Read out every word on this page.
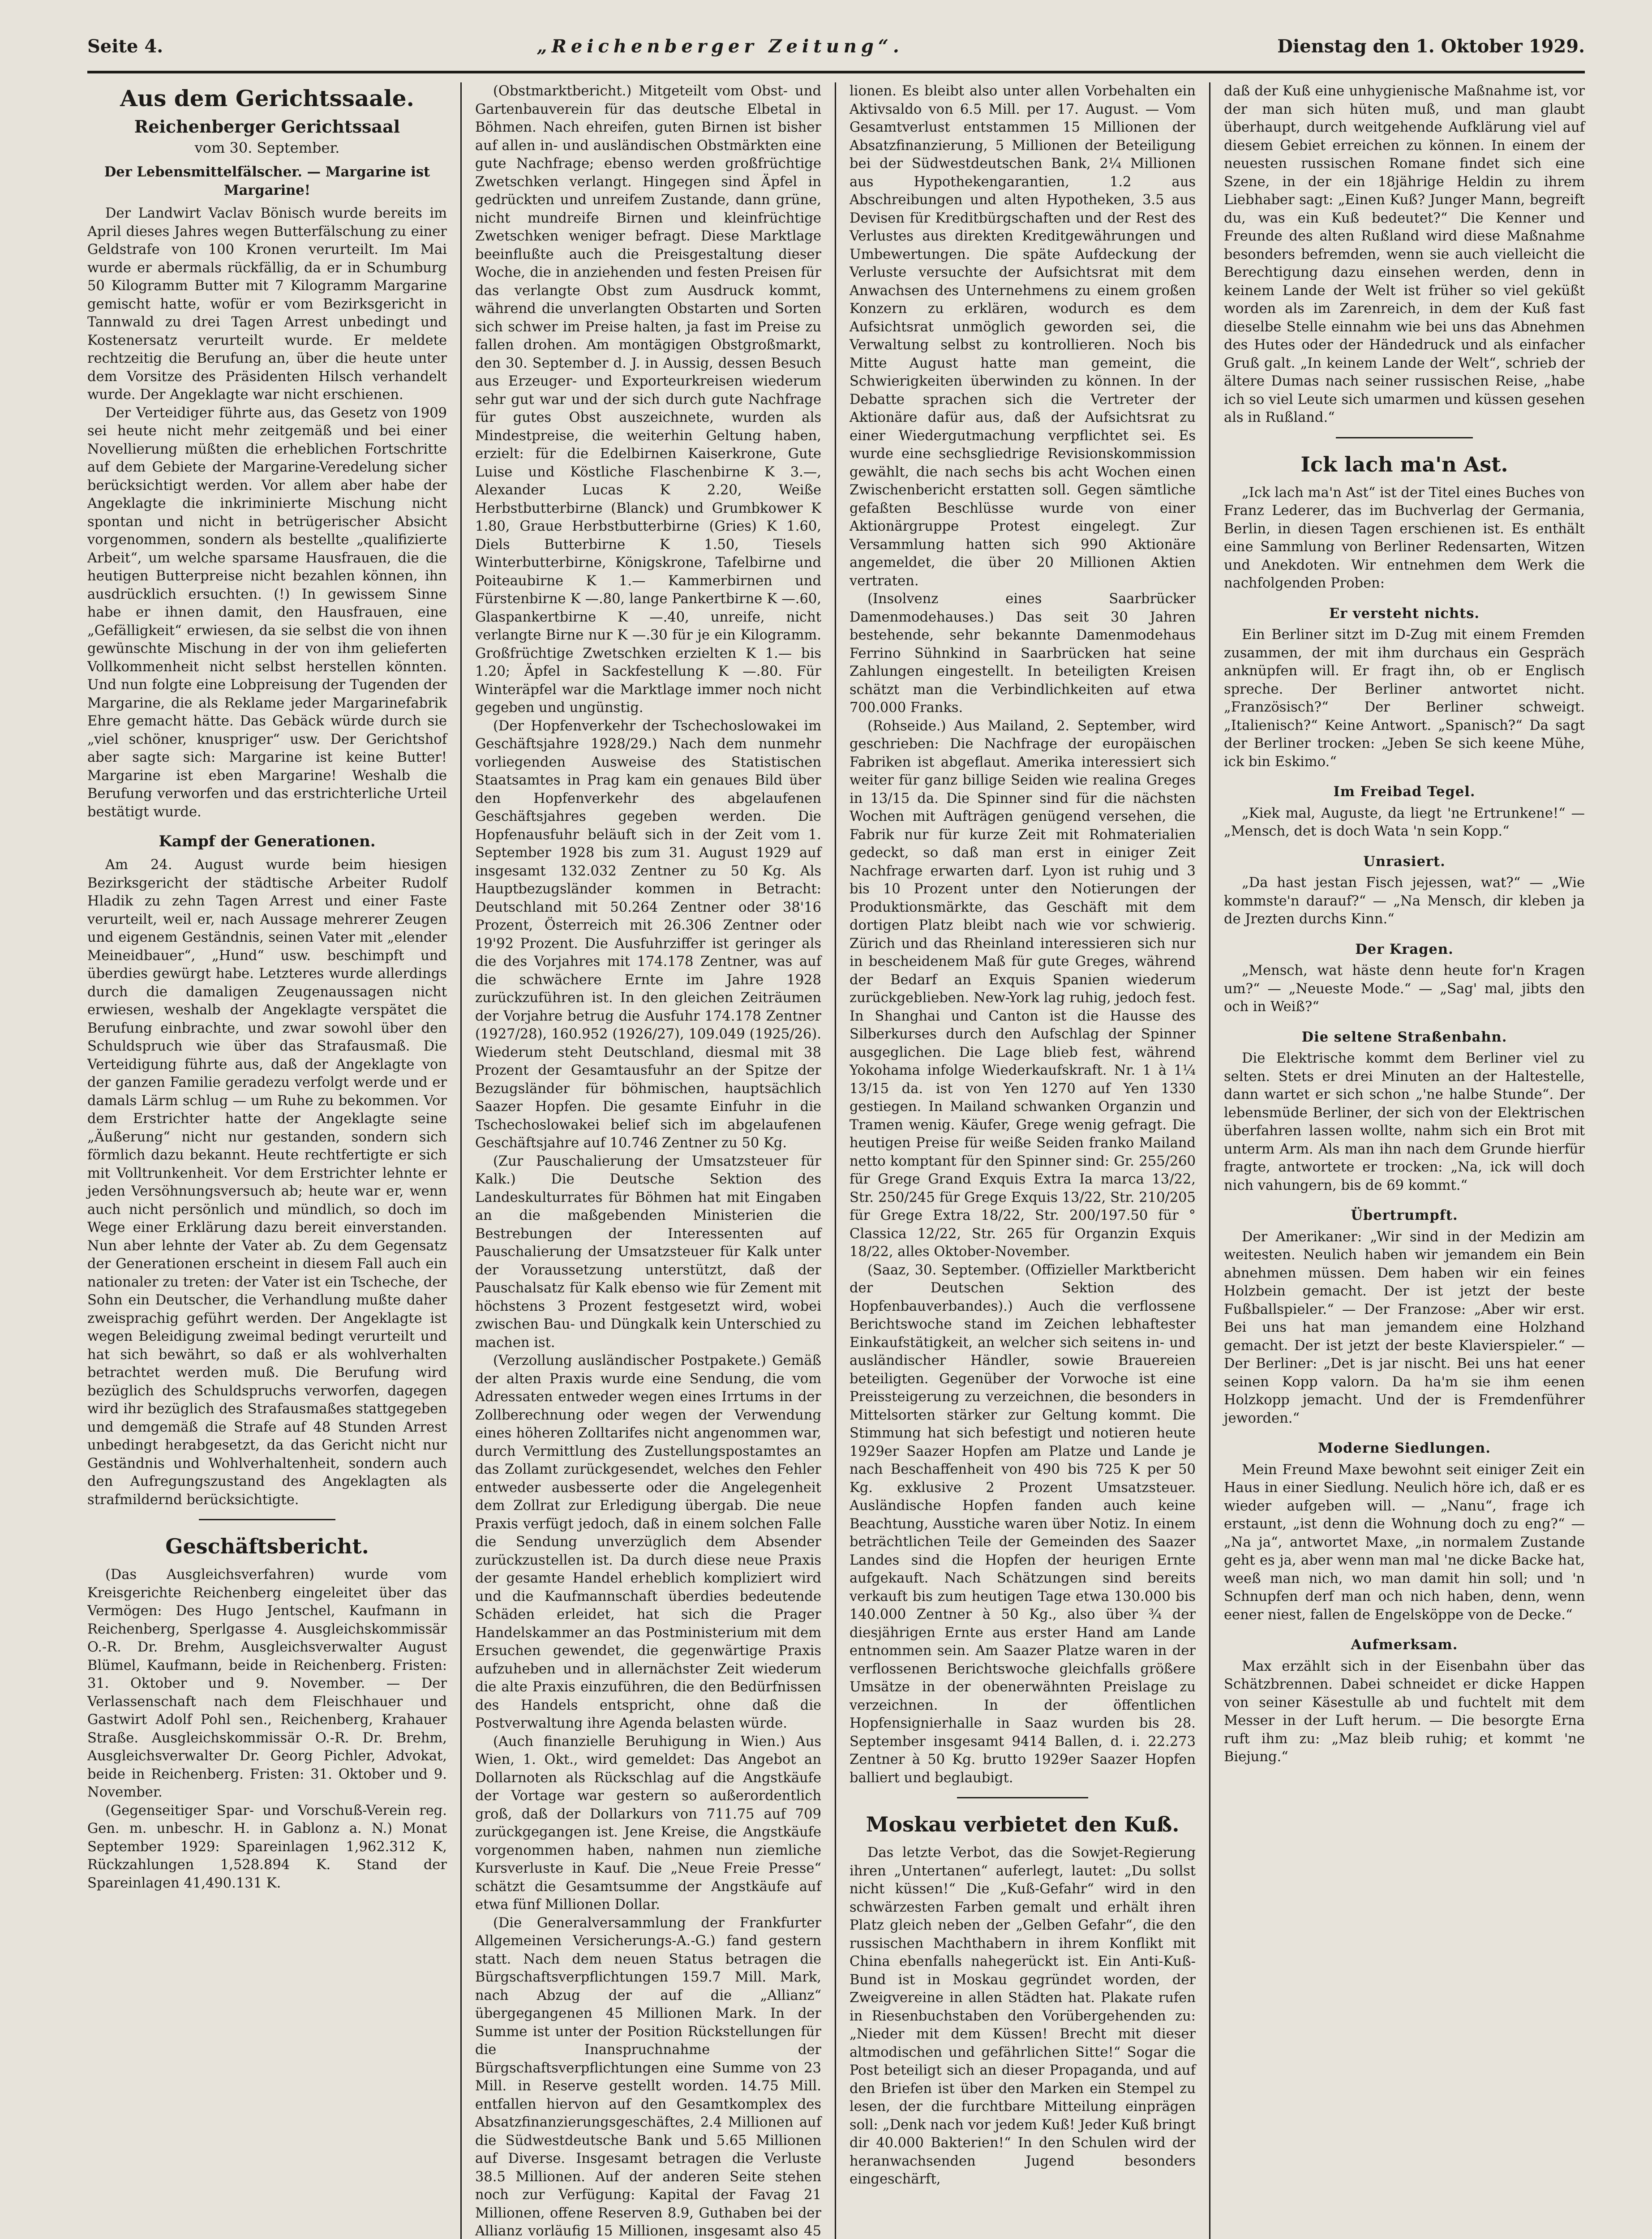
Seite 4.	„Reichenberger Zeitung“.	Dienstag den 1. Oktober 1929.
Aus dem Gerichtssaale.
Reichenberger Gerichtssaal
vom 30. September.
Der Lebensmittelfälscher. — Margarine ist Margarine!

Der Landwirt Vaclav Bönisch wurde bereits im April dieses Jahres wegen Butterfälschung zu einer Geldstrafe von 100 Kronen verurteilt. Im Mai wurde er abermals rückfällig, da er in Schumburg 50 Kilogramm Butter mit 7 Kilogramm Margarine gemischt hatte, wofür er vom Bezirksgericht in Tannwald zu drei Tagen Arrest unbedingt und Kostenersatz verurteilt wurde. Er meldete rechtzeitig die Berufung an, über die heute unter dem Vorsitze des Präsidenten Hilsch verhandelt wurde. Der Angeklagte war nicht erschienen.

Der Verteidiger führte aus, das Gesetz von 1909 sei heute nicht mehr zeitgemäß und bei einer Novellierung müßten die erheblichen Fortschritte auf dem Gebiete der Margarine-Veredelung sicher berücksichtigt werden. Vor allem aber habe der Angeklagte die inkriminierte Mischung nicht spontan und nicht in betrügerischer Absicht vorgenommen, sondern als bestellte „qualifizierte Arbeit“, um welche sparsame Hausfrauen, die die heutigen Butterpreise nicht bezahlen können, ihn ausdrücklich ersuchten. (!) In gewissem Sinne habe er ihnen damit, den Hausfrauen, eine „Gefälligkeit“ erwiesen, da sie selbst die von ihnen gewünschte Mischung in der von ihm gelieferten Vollkommenheit nicht selbst herstellen könnten. Und nun folgte eine Lobpreisung der Tugenden der Margarine, die als Reklame jeder Margarinefabrik Ehre gemacht hätte. Das Gebäck würde durch sie „viel schöner, knuspriger“ usw. Der Gerichtshof aber sagte sich: Margarine ist keine Butter! Margarine ist eben Margarine! Weshalb die Berufung verworfen und das erstrichterliche Urteil bestätigt wurde.

Kampf der Generationen.

Am 24. August wurde beim hiesigen Bezirksgericht der städtische Arbeiter Rudolf Hladik zu zehn Tagen Arrest und einer Faste verurteilt, weil er, nach Aussage mehrerer Zeugen und eigenem Geständnis, seinen Vater mit „elender Meineidbauer“, „Hund“ usw. beschimpft und überdies gewürgt habe. Letzteres wurde allerdings durch die damaligen Zeugenaussagen nicht erwiesen, weshalb der Angeklagte verspätet die Berufung einbrachte, und zwar sowohl über den Schuldspruch wie über das Strafausmaß. Die Verteidigung führte aus, daß der Angeklagte von der ganzen Familie geradezu verfolgt werde und er damals Lärm schlug — um Ruhe zu bekommen. Vor dem Erstrichter hatte der Angeklagte seine „Äußerung“ nicht nur gestanden, sondern sich förmlich dazu bekannt. Heute rechtfertigte er sich mit Volltrunkenheit. Vor dem Erstrichter lehnte er jeden Versöhnungsversuch ab; heute war er, wenn auch nicht persönlich und mündlich, so doch im Wege einer Erklärung dazu bereit einverstanden. Nun aber lehnte der Vater ab. Zu dem Gegensatz der Generationen erscheint in diesem Fall auch ein nationaler zu treten: der Vater ist ein Tscheche, der Sohn ein Deutscher, die Verhandlung mußte daher zweisprachig geführt werden. Der Angeklagte ist wegen Beleidigung zweimal bedingt verurteilt und hat sich bewährt, so daß er als wohlverhalten betrachtet werden muß. Die Berufung wird bezüglich des Schuldspruchs verworfen, dagegen wird ihr bezüglich des Strafausmaßes stattgegeben und demgemäß die Strafe auf 48 Stunden Arrest unbedingt herabgesetzt, da das Gericht nicht nur Geständnis und Wohlverhaltenheit, sondern auch den Aufregungszustand des Angeklagten als strafmildernd berücksichtigte.

Geschäftsbericht.

(Das Ausgleichsverfahren) wurde vom Kreisgerichte Reichenberg eingeleitet über das Vermögen: Des Hugo Jentschel, Kaufmann in Reichenberg, Sperlgasse 4. Ausgleichskommissär O.-R. Dr. Brehm, Ausgleichsverwalter August Blümel, Kaufmann, beide in Reichenberg. Fristen: 31. Oktober und 9. November. — Der Verlassenschaft nach dem Fleischhauer und Gastwirt Adolf Pohl sen., Reichenberg, Krahauer Straße. Ausgleichskommissär O.-R. Dr. Brehm, Ausgleichsverwalter Dr. Georg Pichler, Advokat, beide in Reichenberg. Fristen: 31. Oktober und 9. November.

(Gegenseitiger Spar- und Vorschuß-Verein reg. Gen. m. unbeschr. H. in Gablonz a. N.) Monat September 1929: Spareinlagen 1,962.312 K, Rückzahlungen 1,528.894 K. Stand der Spareinlagen 41,490.131 K.

(Obstmarktbericht.) Mitgeteilt vom Obst- und Gartenbauverein für das deutsche Elbetal in Böhmen. Nach ehreifen, guten Birnen ist bisher auf allen in- und ausländischen Obstmärkten eine gute Nachfrage; ebenso werden großfrüchtige Zwetschken verlangt. Hingegen sind Äpfel in gedrückten und unreifem Zustande, dann grüne, nicht mundreife Birnen und kleinfrüchtige Zwetschken weniger befragt. Diese Marktlage beeinflußte auch die Preisgestaltung dieser Woche, die in anziehenden und festen Preisen für das verlangte Obst zum Ausdruck kommt, während die unverlangten Obstarten und Sorten sich schwer im Preise halten, ja fast im Preise zu fallen drohen. Am montägigen Obstgroßmarkt, den 30. September d. J. in Aussig, dessen Besuch aus Erzeuger- und Exporteurkreisen wiederum sehr gut war und der sich durch gute Nachfrage für gutes Obst auszeichnete, wurden als Mindestpreise, die weiterhin Geltung haben, erzielt: für die Edelbirnen Kaiserkrone, Gute Luise und Köstliche Flaschenbirne K 3.—, Alexander Lucas K 2.20, Weiße Herbstbutterbirne (Blanck) und Grumbkower K 1.80, Graue Herbstbutterbirne (Gries) K 1.60, Diels Butterbirne K 1.50, Tiesels Winterbutterbirne, Königskrone, Tafelbirne und Poiteaubirne K 1.— Kammerbirnen und Fürstenbirne K —.80, lange Pankertbirne K —.60, Glaspankertbirne K —.40, unreife, nicht verlangte Birne nur K —.30 für je ein Kilogramm. Großfrüchtige Zwetschken erzielten K 1.— bis 1.20; Äpfel in Sackfestellung K —.80. Für Winteräpfel war die Marktlage immer noch nicht gegeben und ungünstig.

(Der Hopfenverkehr der Tschechoslowakei im Geschäftsjahre 1928/29.) Nach dem nunmehr vorliegenden Ausweise des Statistischen Staatsamtes in Prag kam ein genaues Bild über den Hopfenverkehr des abgelaufenen Geschäftsjahres gegeben werden. Die Hopfenausfuhr beläuft sich in der Zeit vom 1. September 1928 bis zum 31. August 1929 auf insgesamt 132.032 Zentner zu 50 Kg. Als Hauptbezugsländer kommen in Betracht: Deutschland mit 50.264 Zentner oder 38'16 Prozent, Österreich mit 26.306 Zentner oder 19'92 Prozent. Die Ausfuhrziffer ist geringer als die des Vorjahres mit 174.178 Zentner, was auf die schwächere Ernte im Jahre 1928 zurückzuführen ist. In den gleichen Zeiträumen der Vorjahre betrug die Ausfuhr 174.178 Zentner (1927/28), 160.952 (1926/27), 109.049 (1925/26). Wiederum steht Deutschland, diesmal mit 38 Prozent der Gesamtausfuhr an der Spitze der Bezugsländer für böhmischen, hauptsächlich Saazer Hopfen. Die gesamte Einfuhr in die Tschechoslowakei belief sich im abgelaufenen Geschäftsjahre auf 10.746 Zentner zu 50 Kg.

(Zur Pauschalierung der Umsatzsteuer für Kalk.) Die Deutsche Sektion des Landeskulturrates für Böhmen hat mit Eingaben an die maßgebenden Ministerien die Bestrebungen der Interessenten auf Pauschalierung der Umsatzsteuer für Kalk unter der Voraussetzung unterstützt, daß der Pauschalsatz für Kalk ebenso wie für Zement mit höchstens 3 Prozent festgesetzt wird, wobei zwischen Bau- und Düngkalk kein Unterschied zu machen ist.

(Verzollung ausländischer Postpakete.) Gemäß der alten Praxis wurde eine Sendung, die vom Adressaten entweder wegen eines Irrtums in der Zollberechnung oder wegen der Verwendung eines höheren Zolltarifes nicht angenommen war, durch Vermittlung des Zustellungspostamtes an das Zollamt zurückgesendet, welches den Fehler entweder ausbesserte oder die Angelegenheit dem Zollrat zur Erledigung übergab. Die neue Praxis verfügt jedoch, daß in einem solchen Falle die Sendung unverzüglich dem Absender zurückzustellen ist. Da durch diese neue Praxis der gesamte Handel erheblich kompliziert wird und die Kaufmannschaft überdies bedeutende Schäden erleidet, hat sich die Prager Handelskammer an das Postministerium mit dem Ersuchen gewendet, die gegenwärtige Praxis aufzuheben und in allernächster Zeit wiederum die alte Praxis einzuführen, die den Bedürfnissen des Handels entspricht, ohne daß die Postverwaltung ihre Agenda belasten würde.

(Auch finanzielle Beruhigung in Wien.) Aus Wien, 1. Okt., wird gemeldet: Das Angebot an Dollarnoten als Rückschlag auf die Angstkäufe der Vortage war gestern so außerordentlich groß, daß der Dollarkurs von 711.75 auf 709 zurückgegangen ist. Jene Kreise, die Angstkäufe vorgenommen haben, nahmen nun ziemliche Kursverluste in Kauf. Die „Neue Freie Presse“ schätzt die Gesamtsumme der Angstkäufe auf etwa fünf Millionen Dollar.

(Die Generalversammlung der Frankfurter Allgemeinen Versicherungs-A.-G.) fand gestern statt. Nach dem neuen Status betragen die Bürgschaftsverpflichtungen 159.7 Mill. Mark, nach Abzug der auf die „Allianz“ übergegangenen 45 Millionen Mark. In der Summe ist unter der Position Rückstellungen für die Inanspruchnahme der Bürgschaftsverpflichtungen eine Summe von 23 Mill. in Reserve gestellt worden. 14.75 Mill. entfallen hiervon auf den Gesamtkomplex des Absatzfinanzierungsgeschäftes, 2.4 Millionen auf die Südwestdeutsche Bank und 5.65 Millionen auf Diverse. Insgesamt betragen die Verluste 38.5 Millionen. Auf der anderen Seite stehen noch zur Verfügung: Kapital der Favag 21 Millionen, offene Reserven 8.9, Guthaben bei der Allianz vorläufig 15 Millionen, insgesamt also 45

lionen. Es bleibt also unter allen Vorbehalten ein Aktivsaldo von 6.5 Mill. per 17. August. — Vom Gesamtverlust entstammen 15 Millionen der Absatzfinanzierung, 5 Millionen der Beteiligung bei der Südwestdeutschen Bank, 2¼ Millionen aus Hypothekengarantien, 1.2 aus Abschreibungen und alten Hypotheken, 3.5 aus Devisen für Kreditbürgschaften und der Rest des Verlustes aus direkten Kreditgewährungen und Umbewertungen. Die späte Aufdeckung der Verluste versuchte der Aufsichtsrat mit dem Anwachsen des Unternehmens zu einem großen Konzern zu erklären, wodurch es dem Aufsichtsrat unmöglich geworden sei, die Verwaltung selbst zu kontrollieren. Noch bis Mitte August hatte man gemeint, die Schwierigkeiten überwinden zu können. In der Debatte sprachen sich die Vertreter der Aktionäre dafür aus, daß der Aufsichtsrat zu einer Wiedergutmachung verpflichtet sei. Es wurde eine sechsgliedrige Revisionskommission gewählt, die nach sechs bis acht Wochen einen Zwischenbericht erstatten soll. Gegen sämtliche gefaßten Beschlüsse wurde von einer Aktionärgruppe Protest eingelegt. Zur Versammlung hatten sich 990 Aktionäre angemeldet, die über 20 Millionen Aktien vertraten.

(Insolvenz eines Saarbrücker Damenmodehauses.) Das seit 30 Jahren bestehende, sehr bekannte Damenmodehaus Ferrino Sühnkind in Saarbrücken hat seine Zahlungen eingestellt. In beteiligten Kreisen schätzt man die Verbindlichkeiten auf etwa 700.000 Franks.

(Rohseide.) Aus Mailand, 2. September, wird geschrieben: Die Nachfrage der europäischen Fabriken ist abgeflaut. Amerika interessiert sich weiter für ganz billige Seiden wie realina Greges in 13/15 da. Die Spinner sind für die nächsten Wochen mit Aufträgen genügend versehen, die Fabrik nur für kurze Zeit mit Rohmaterialien gedeckt, so daß man erst in einiger Zeit Nachfrage erwarten darf. Lyon ist ruhig und 3 bis 10 Prozent unter den Notierungen der Produktionsmärkte, das Geschäft mit dem dortigen Platz bleibt nach wie vor schwierig. Zürich und das Rheinland interessieren sich nur in bescheidenem Maß für gute Greges, während der Bedarf an Exquis Spanien wiederum zurückgeblieben. New-York lag ruhig, jedoch fest. In Shanghai und Canton ist die Hausse des Silberkurses durch den Aufschlag der Spinner ausgeglichen. Die Lage blieb fest, während Yokohama infolge Wiederkaufskraft. Nr. 1 à 1¼ 13/15 da. ist von Yen 1270 auf Yen 1330 gestiegen. In Mailand schwanken Organzin und Tramen wenig. Käufer, Grege wenig gefragt. Die heutigen Preise für weiße Seiden franko Mailand netto komptant für den Spinner sind: Gr. 255/260 für Grege Grand Exquis Extra Ia marca 13/22, Str. 250/245 für Grege Exquis 13/22, Str. 210/205 für Grege Extra 18/22, Str. 200/197.50 für ° Classica 12/22, Str. 265 für Organzin Exquis 18/22, alles Oktober-November.

(Saaz, 30. September. (Offizieller Marktbericht der Deutschen Sektion des Hopfenbauverbandes).) Auch die verflossene Berichtswoche stand im Zeichen lebhaftester Einkaufstätigkeit, an welcher sich seitens in- und ausländischer Händler, sowie Brauereien beteiligten. Gegenüber der Vorwoche ist eine Preissteigerung zu verzeichnen, die besonders in Mittelsorten stärker zur Geltung kommt. Die Stimmung hat sich befestigt und notieren heute 1929er Saazer Hopfen am Platze und Lande je nach Beschaffenheit von 490 bis 725 K per 50 Kg. exklusive 2 Prozent Umsatzsteuer. Ausländische Hopfen fanden auch keine Beachtung, Ausstiche waren über Notiz. In einem beträchtlichen Teile der Gemeinden des Saazer Landes sind die Hopfen der heurigen Ernte aufgekauft. Nach Schätzungen sind bereits verkauft bis zum heutigen Tage etwa 130.000 bis 140.000 Zentner à 50 Kg., also über ¾ der diesjährigen Ernte aus erster Hand am Lande entnommen sein. Am Saazer Platze waren in der verflossenen Berichtswoche gleichfalls größere Umsätze in der obenerwähnten Preislage zu verzeichnen. In der öffentlichen Hopfensignierhalle in Saaz wurden bis 28. September insgesamt 9414 Ballen, d. i. 22.273 Zentner à 50 Kg. brutto 1929er Saazer Hopfen balliert und beglaubigt.

Moskau verbietet den Kuß.

Das letzte Verbot, das die Sowjet-Regierung ihren „Untertanen“ auferlegt, lautet: „Du sollst nicht küssen!“ Die „Kuß-Gefahr“ wird in den schwärzesten Farben gemalt und erhält ihren Platz gleich neben der „Gelben Gefahr“, die den russischen Machthabern in ihrem Konflikt mit China ebenfalls nahegerückt ist. Ein Anti-Kuß-Bund ist in Moskau gegründet worden, der Zweigvereine in allen Städten hat. Plakate rufen in Riesenbuchstaben den Vorübergehenden zu: „Nieder mit dem Küssen! Brecht mit dieser altmodischen und gefährlichen Sitte!“ Sogar die Post beteiligt sich an dieser Propaganda, und auf den Briefen ist über den Marken ein Stempel zu lesen, der die furchtbare Mitteilung einprägen soll: „Denk nach vor jedem Kuß! Jeder Kuß bringt dir 40.000 Bakterien!“ In den Schulen wird der heranwachsenden Jugend besonders eingeschärft,

daß der Kuß eine unhygienische Maßnahme ist, vor der man sich hüten muß, und man glaubt überhaupt, durch weitgehende Aufklärung viel auf diesem Gebiet erreichen zu können. In einem der neuesten russischen Romane findet sich eine Szene, in der ein 18jährige Heldin zu ihrem Liebhaber sagt: „Einen Kuß? Junger Mann, begreift du, was ein Kuß bedeutet?“ Die Kenner und Freunde des alten Rußland wird diese Maßnahme besonders befremden, wenn sie auch vielleicht die Berechtigung dazu einsehen werden, denn in keinem Lande der Welt ist früher so viel geküßt worden als im Zarenreich, in dem der Kuß fast dieselbe Stelle einnahm wie bei uns das Abnehmen des Hutes oder der Händedruck und als einfacher Gruß galt. „In keinem Lande der Welt“, schrieb der ältere Dumas nach seiner russischen Reise, „habe ich so viel Leute sich umarmen und küssen gesehen als in Rußland.“

Ick lach ma'n Ast.

„Ick lach ma'n Ast“ ist der Titel eines Buches von Franz Lederer, das im Buchverlag der Germania, Berlin, in diesen Tagen erschienen ist. Es enthält eine Sammlung von Berliner Redensarten, Witzen und Anekdoten. Wir entnehmen dem Werk die nachfolgenden Proben:

Er versteht nichts.

Ein Berliner sitzt im D-Zug mit einem Fremden zusammen, der mit ihm durchaus ein Gespräch anknüpfen will. Er fragt ihn, ob er Englisch spreche. Der Berliner antwortet nicht. „Französisch?“ Der Berliner schweigt. „Italienisch?“ Keine Antwort. „Spanisch?“ Da sagt der Berliner trocken: „Jeben Se sich keene Mühe, ick bin Eskimo.“

Im Freibad Tegel.

„Kiek mal, Auguste, da liegt 'ne Ertrunkene!“ — „Mensch, det is doch Wata 'n sein Kopp.“

Unrasiert.

„Da hast jestan Fisch jejessen, wat?“ — „Wie kommste'n darauf?“ — „Na Mensch, dir kleben ja de Jrezten durchs Kinn.“

Der Kragen.

„Mensch, wat häste denn heute for'n Kragen um?“ — „Neueste Mode.“ — „Sag' mal, jibts den och in Weiß?“

Die seltene Straßenbahn.

Die Elektrische kommt dem Berliner viel zu selten. Stets er drei Minuten an der Haltestelle, dann wartet er sich schon „'ne halbe Stunde“. Der lebensmüde Berliner, der sich von der Elektrischen überfahren lassen wollte, nahm sich ein Brot mit unterm Arm. Als man ihn nach dem Grunde hierfür fragte, antwortete er trocken: „Na, ick will doch nich vahungern, bis de 69 kommt.“

Übertrumpft.

Der Amerikaner: „Wir sind in der Medizin am weitesten. Neulich haben wir jemandem ein Bein abnehmen müssen. Dem haben wir ein feines Holzbein gemacht. Der ist jetzt der beste Fußballspieler.“ — Der Franzose: „Aber wir erst. Bei uns hat man jemandem eine Holzhand gemacht. Der ist jetzt der beste Klavierspieler.“ — Der Berliner: „Det is jar nischt. Bei uns hat eener seinen Kopp valorn. Da ha'm sie ihm eenen Holzkopp jemacht. Und der is Fremdenführer jeworden.“

Moderne Siedlungen.

Mein Freund Maxe bewohnt seit einiger Zeit ein Haus in einer Siedlung. Neulich höre ich, daß er es wieder aufgeben will. — „Nanu“, frage ich erstaunt, „ist denn die Wohnung doch zu eng?“ — „Na ja“, antwortet Maxe, „in normalem Zustande geht es ja, aber wenn man mal 'ne dicke Backe hat, weeß man nich, wo man damit hin soll; und 'n Schnupfen derf man och nich haben, denn, wenn eener niest, fallen de Engelsköppe von de Decke.“

Aufmerksam.

Max erzählt sich in der Eisenbahn über das Schätzbrennen. Dabei schneidet er dicke Happen von seiner Käsestulle ab und fuchtelt mit dem Messer in der Luft herum. — Die besorgte Erna ruft ihm zu: „Maz bleib ruhig; et kommt 'ne Biejung.“
